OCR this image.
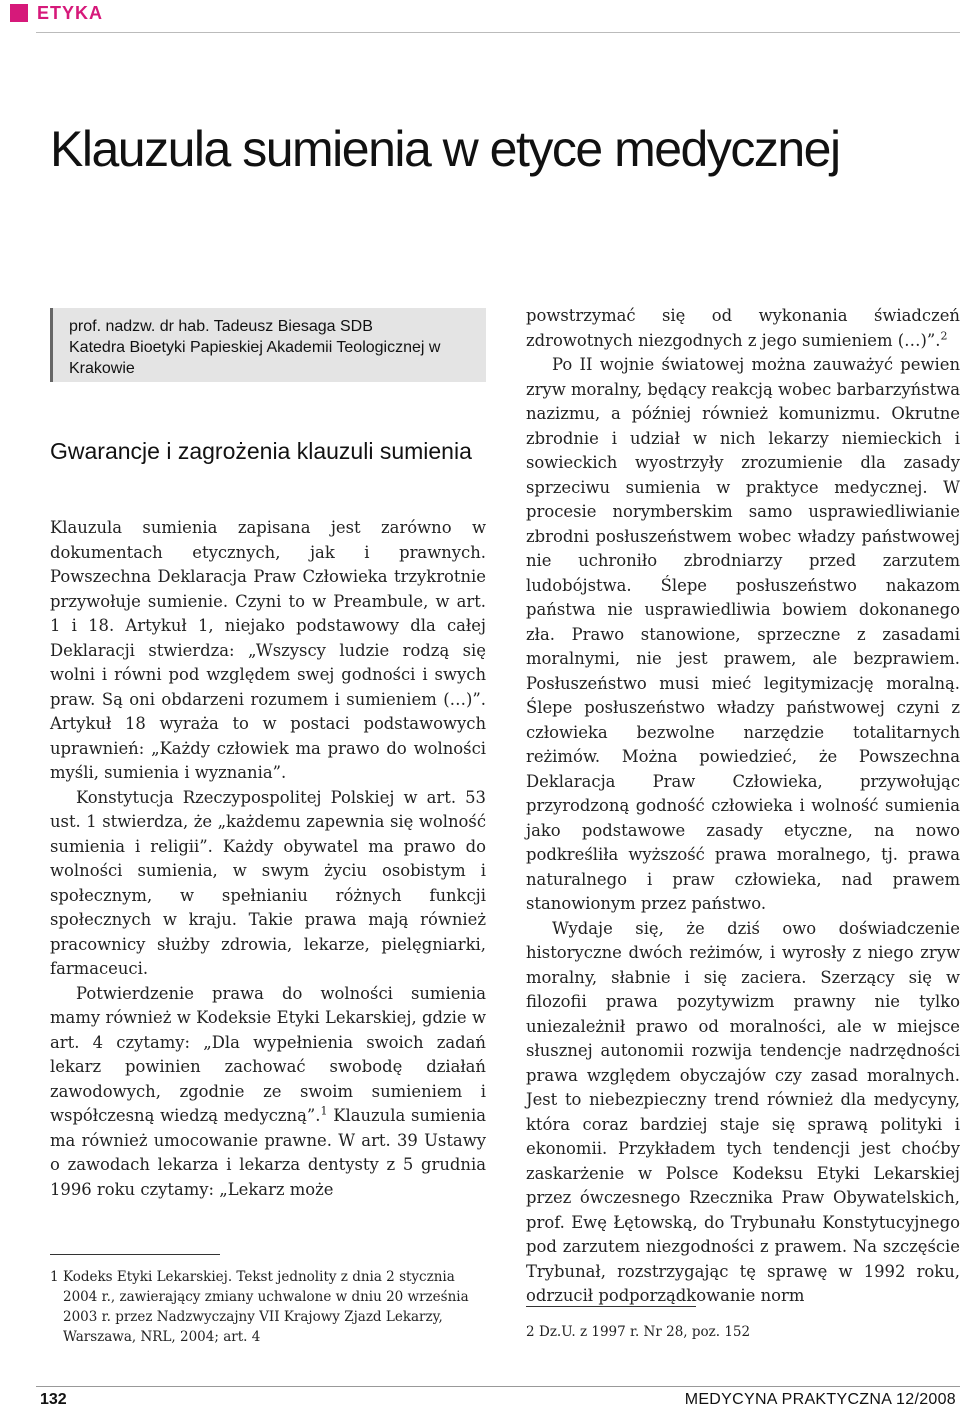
ETYKA
Klauzula sumienia w etyce medycznej

prof. nadzw. dr hab. Tadeusz Biesaga SDB

Katedra Bioetyki Papieskiej Akademii Teologicznej w Krakowie

Gwarancje i zagrożenia klauzuli sumienia

Klauzula sumienia zapisana jest zarówno w dokumentach etycznych, jak i prawnych. Powszechna Deklaracja Praw Człowieka trzykrotnie przywołuje sumienie. Czyni to w Preambule, w art. 1 i 18. Artykuł 1, niejako podstawowy dla całej Deklaracji stwierdza: „Wszyscy ludzie rodzą się wolni i równi pod względem swej godności i swych praw. Są oni obdarzeni rozumem i sumieniem (…)”. Artykuł 18 wyraża to w postaci podstawowych uprawnień: „Każdy człowiek ma prawo do wolności myśli, sumienia i wyznania”.

Konstytucja Rzeczypospolitej Polskiej w art. 53 ust. 1 stwierdza, że „każdemu zapewnia się wolność sumienia i religii”. Każdy obywatel ma prawo do wolności sumienia, w swym życiu osobistym i społecznym, w spełnianiu różnych funkcji społecznych w kraju. Takie prawa mają również pracownicy służby zdrowia, lekarze, pielęgniarki, farmaceuci.

Potwierdzenie prawa do wolności sumienia mamy również w Kodeksie Etyki Lekarskiej, gdzie w art. 4 czytamy: „Dla wypełnienia swoich zadań lekarz powinien zachować swobodę działań zawodowych, zgodnie ze swoim sumieniem i współczesną wiedzą medyczną”.$^1$ Klauzula sumienia ma również umocowanie prawne. W art. 39 Ustawy o zawodach lekarza i lekarza dentysty z 5 grudnia 1996 roku czytamy: „Lekarz może

powstrzymać się od wykonania świadczeń zdrowotnych niezgodnych z jego sumieniem (…)”.$^2$

Po II wojnie światowej można zauważyć pewien zryw moralny, będący reakcją wobec barbarzyństwa nazizmu, a później również komunizmu. Okrutne zbrodnie i udział w nich lekarzy niemieckich i sowieckich wyostrzyły zrozumienie dla zasady sprzeciwu sumienia w praktyce medycznej. W procesie norymberskim samo usprawiedliwianie zbrodni posłuszeństwem wobec władzy państwowej nie uchroniło zbrodniarzy przed zarzutem ludobójstwa. Ślepe posłuszeństwo nakazom państwa nie usprawiedliwia bowiem dokonanego zła. Prawo stanowione, sprzeczne z zasadami moralnymi, nie jest prawem, ale bezprawiem. Posłuszeństwo musi mieć legitymizację moralną. Ślepe posłuszeństwo władzy państwowej czyni z człowieka bezwolne narzędzie totalitarnych reżimów. Można powiedzieć, że Powszechna Deklaracja Praw Człowieka, przywołując przyrodzoną godność człowieka i wolność sumienia jako podstawowe zasady etyczne, na nowo podkreśliła wyższość prawa moralnego, tj. prawa naturalnego i praw człowieka, nad prawem stanowionym przez państwo.

Wydaje się, że dziś owo doświadczenie historyczne dwóch reżimów, i wyrosły z niego zryw moralny, słabnie i się zaciera. Szerzący się w filozofii prawa pozytywizm prawny nie tylko uniezależnił prawo od moralności, ale w miejsce słusznej autonomii rozwija tendencje nadrzędności prawa względem obyczajów czy zasad moralnych. Jest to niebezpieczny trend również dla medycyny, która coraz bardziej staje się sprawą polityki i ekonomii. Przykładem tych tendencji jest choćby zaskarżenie w Polsce Kodeksu Etyki Lekarskiej przez ówczesnego Rzecznika Praw Obywatelskich, prof. Ewę Łętowską, do Trybunału Konstytucyjnego pod zarzutem niezgodności z prawem. Na szczęście Trybunał, rozstrzygając tę sprawę w 1992 roku, odrzucił podporządkowanie norm

1 Kodeks Etyki Lekarskiej. Tekst jednolity z dnia 2 stycznia 2004 r., zawierający zmiany uchwalone w dniu 20 września 2003 r. przez Nadzwyczajny VII Krajowy Zjazd Lekarzy, Warszawa, NRL, 2004; art. 4	2 Dz.U. z 1997 r. Nr 28, poz. 152
132	MEDYCYNA PRAKTYCZNA 12/2008
